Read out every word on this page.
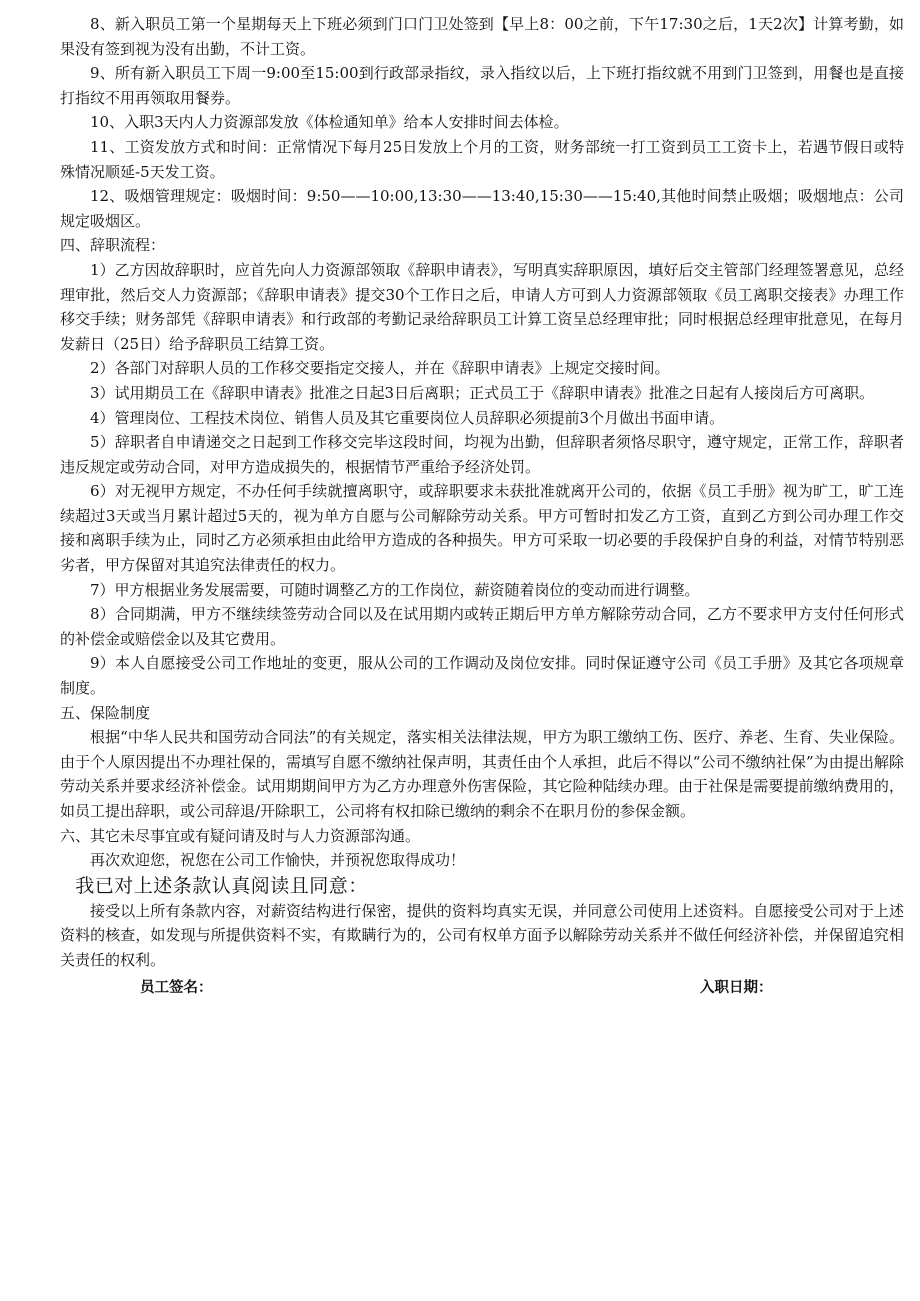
8、新入职员工第一个星期每天上下班必须到门口门卫处签到【早上8：00之前，下午17:30之后，1天2次】计算考勤，如果没有签到视为没有出勤，不计工资。

9、所有新入职员工下周一9:00至15:00到行政部录指纹，录入指纹以后，上下班打指纹就不用到门卫签到，用餐也是直接打指纹不用再领取用餐券。

10、入职3天内人力资源部发放《体检通知单》给本人安排时间去体检。

11、工资发放方式和时间：正常情况下每月25日发放上个月的工资，财务部统一打工资到员工工资卡上，若遇节假日或特殊情况顺延-5天发工资。

12、吸烟管理规定：吸烟时间：9:50——10:00,13:30——13:40,15:30——15:40,其他时间禁止吸烟；吸烟地点：公司规定吸烟区。

四、辞职流程：

1）乙方因故辞职时，应首先向人力资源部领取《辞职申请表》，写明真实辞职原因，填好后交主管部门经理签署意见，总经理审批，然后交人力资源部；《辞职申请表》提交30个工作日之后，申请人方可到人力资源部领取《员工离职交接表》办理工作移交手续；财务部凭《辞职申请表》和行政部的考勤记录给辞职员工计算工资呈总经理审批；同时根据总经理审批意见，在每月发薪日（25日）给予辞职员工结算工资。

2）各部门对辞职人员的工作移交要指定交接人，并在《辞职申请表》上规定交接时间。

3）试用期员工在《辞职申请表》批准之日起3日后离职；正式员工于《辞职申请表》批准之日起有人接岗后方可离职。

4）管理岗位、工程技术岗位、销售人员及其它重要岗位人员辞职必须提前3个月做出书面申请。

5）辞职者自申请递交之日起到工作移交完毕这段时间，均视为出勤，但辞职者须恪尽职守，遵守规定，正常工作，辞职者违反规定或劳动合同，对甲方造成损失的，根据情节严重给予经济处罚。

6）对无视甲方规定，不办任何手续就擅离职守，或辞职要求未获批准就离开公司的，依据《员工手册》视为旷工，旷工连续超过3天或当月累计超过5天的，视为单方自愿与公司解除劳动关系。甲方可暂时扣发乙方工资，直到乙方到公司办理工作交接和离职手续为止，同时乙方必须承担由此给甲方造成的各种损失。甲方可采取一切必要的手段保护自身的利益，对情节特别恶劣者，甲方保留对其追究法律责任的权力。

7）甲方根据业务发展需要，可随时调整乙方的工作岗位，薪资随着岗位的变动而进行调整。

8）合同期满，甲方不继续续签劳动合同以及在试用期内或转正期后甲方单方解除劳动合同，乙方不要求甲方支付任何形式的补偿金或赔偿金以及其它费用。

9）本人自愿接受公司工作地址的变更，服从公司的工作调动及岗位安排。同时保证遵守公司《员工手册》及其它各项规章制度。

五、保险制度

根据“中华人民共和国劳动合同法”的有关规定，落实相关法律法规，甲方为职工缴纳工伤、医疗、养老、生育、失业保险。由于个人原因提出不办理社保的，需填写自愿不缴纳社保声明，其责任由个人承担，此后不得以“公司不缴纳社保”为由提出解除劳动关系并要求经济补偿金。试用期期间甲方为乙方办理意外伤害保险，其它险种陆续办理。由于社保是需要提前缴纳费用的，如员工提出辞职，或公司辞退/开除职工，公司将有权扣除已缴纳的剩余不在职月份的参保金额。

六、其它未尽事宜或有疑问请及时与人力资源部沟通。

再次欢迎您，祝您在公司工作愉快，并预祝您取得成功！

我已对上述条款认真阅读且同意：

接受以上所有条款内容，对薪资结构进行保密，提供的资料均真实无误，并同意公司使用上述资料。自愿接受公司对于上述资料的核查，如发现与所提供资料不实，有欺瞒行为的，公司有权单方面予以解除劳动关系并不做任何经济补偿，并保留追究相关责任的权利。

员工签名：	入职日期：
